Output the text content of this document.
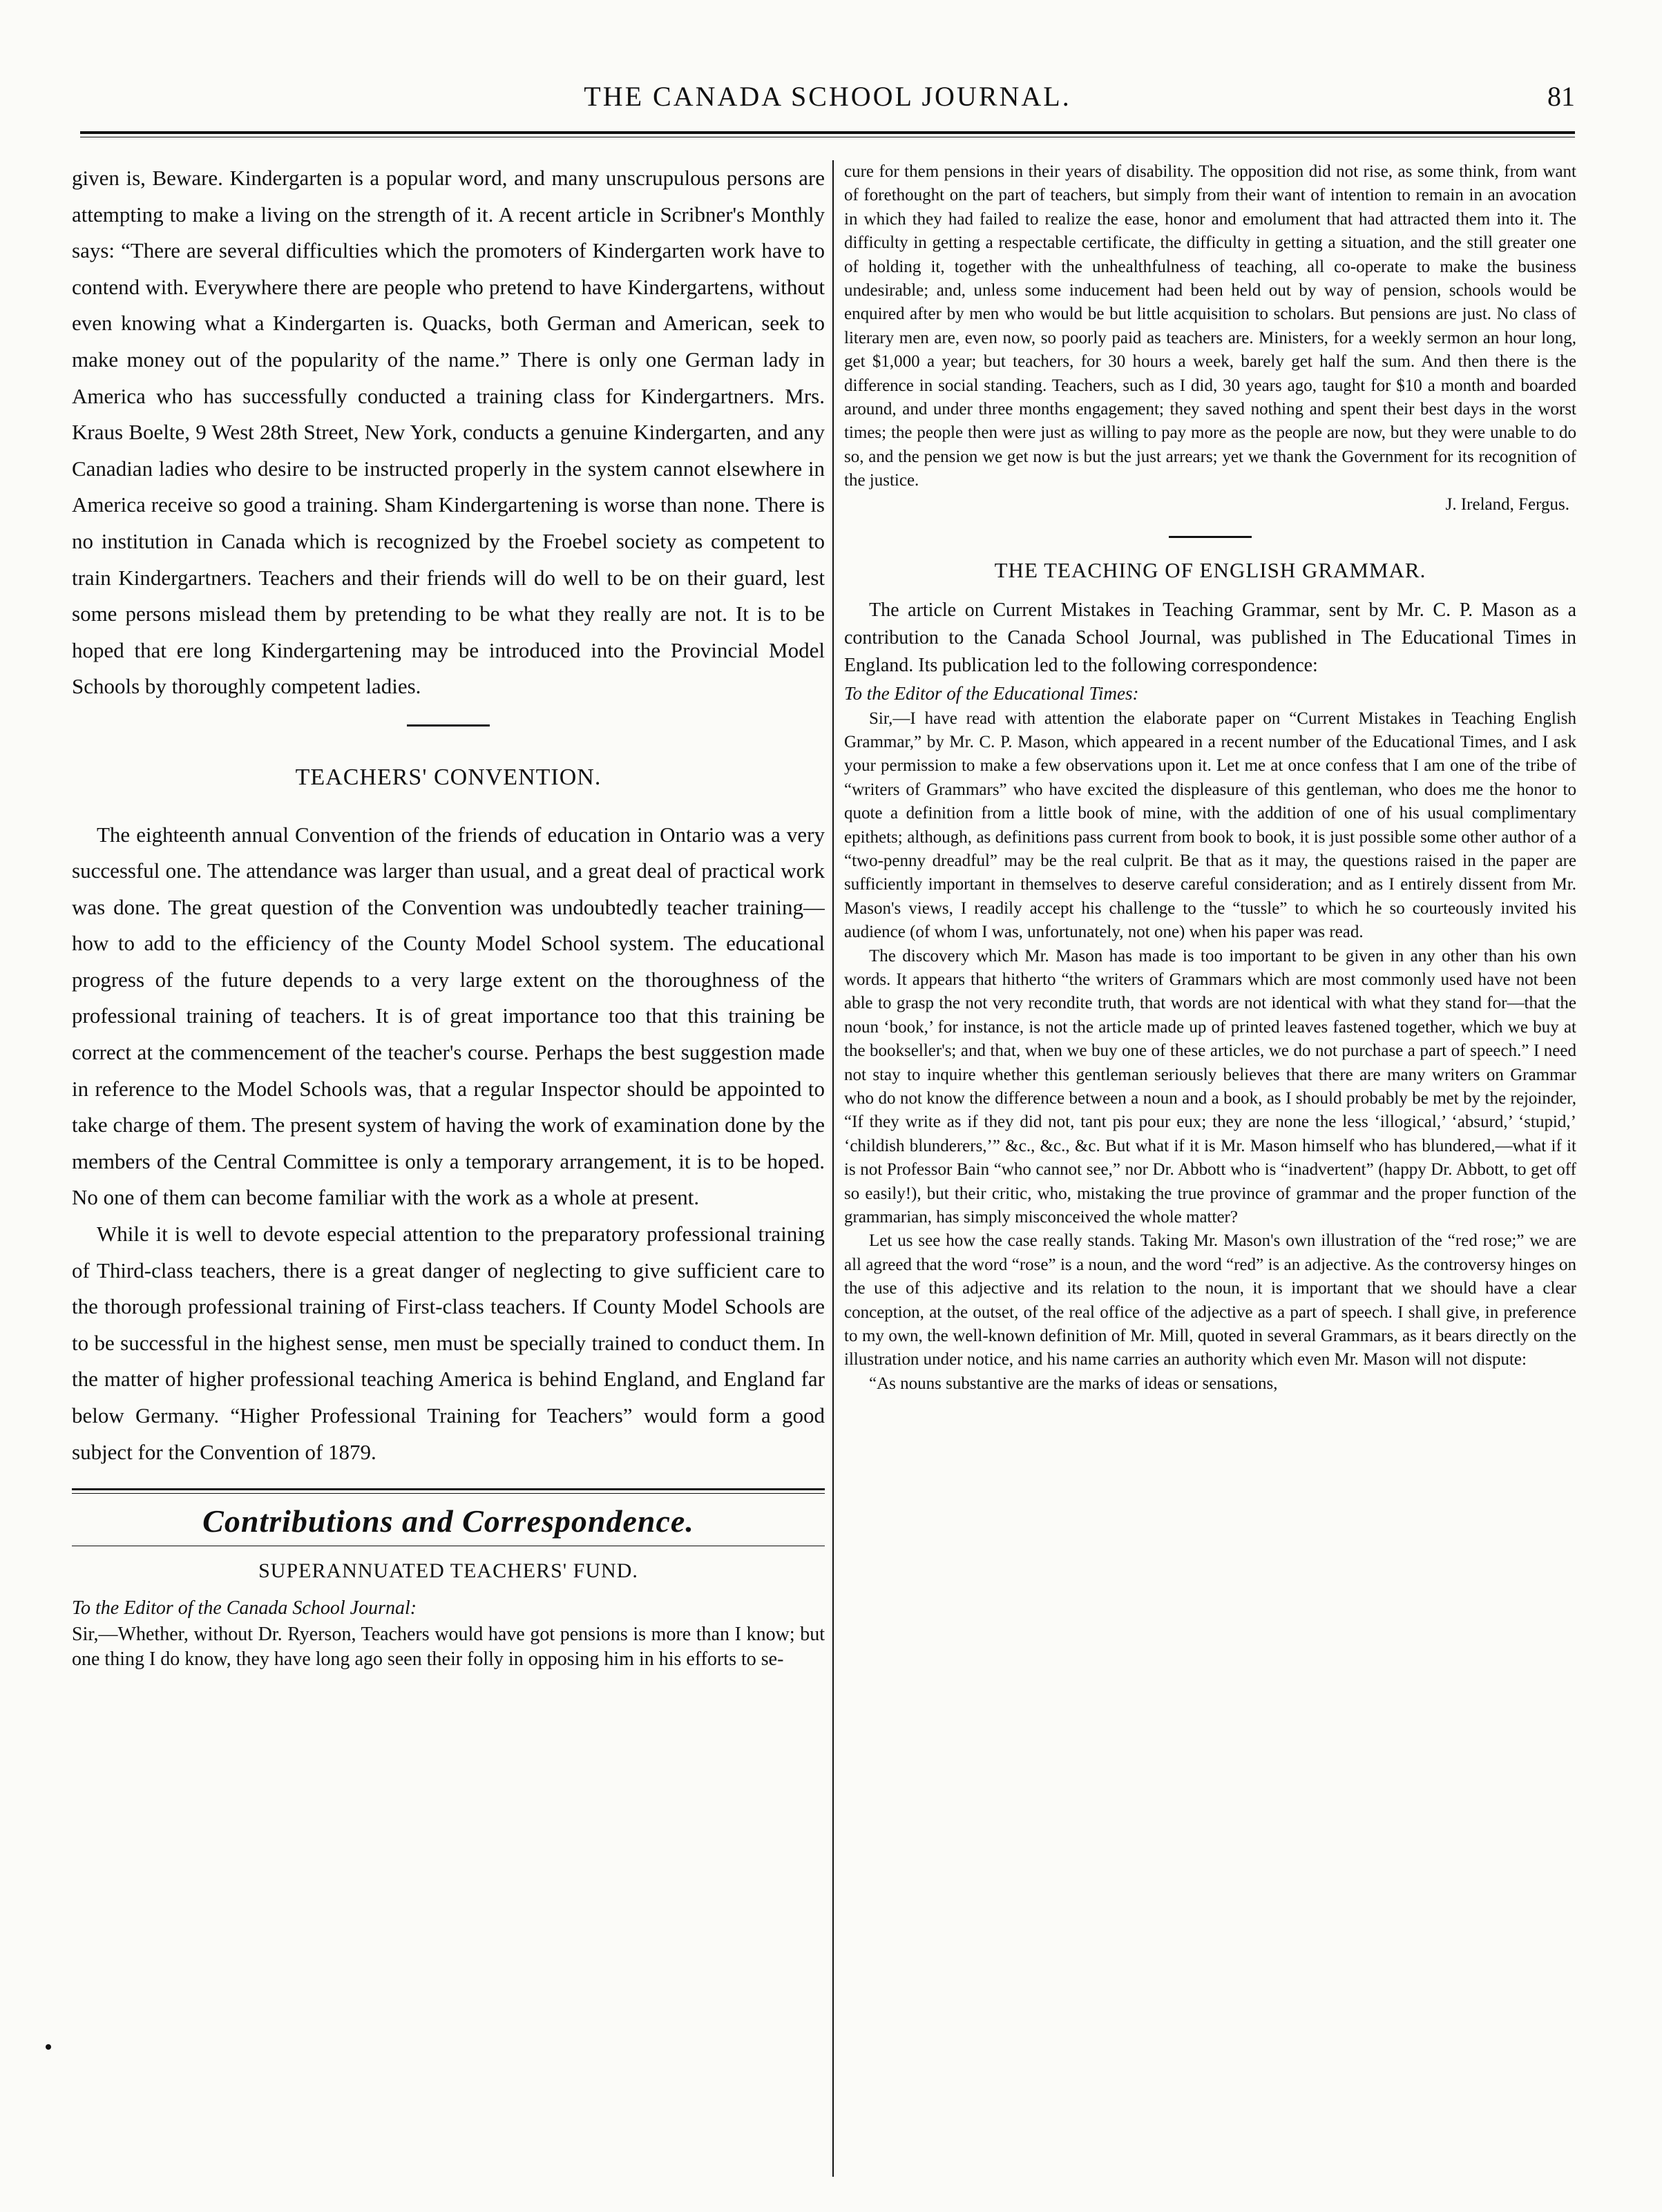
THE CANADA SCHOOL JOURNAL.	81

given is, Beware. Kindergarten is a popular word, and many unscrupulous persons are attempting to make a living on the strength of it. A recent article in Scribner's Monthly says: “There are several difficulties which the promoters of Kindergarten work have to contend with. Everywhere there are people who pretend to have Kindergartens, without even knowing what a Kindergarten is. Quacks, both German and American, seek to make money out of the popularity of the name.” There is only one German lady in America who has successfully conducted a training class for Kindergartners. Mrs. Kraus Boelte, 9 West 28th Street, New York, conducts a genuine Kindergarten, and any Canadian ladies who desire to be instructed properly in the system cannot elsewhere in America receive so good a training. Sham Kindergartening is worse than none. There is no institution in Canada which is recognized by the Froebel society as competent to train Kindergartners. Teachers and their friends will do well to be on their guard, lest some persons mislead them by pretending to be what they really are not. It is to be hoped that ere long Kindergartening may be introduced into the Provincial Model Schools by thoroughly competent ladies.

TEACHERS' CONVENTION.

The eighteenth annual Convention of the friends of education in Ontario was a very successful one. The attendance was larger than usual, and a great deal of practical work was done. The great question of the Convention was undoubtedly teacher training—how to add to the efficiency of the County Model School system. The educational progress of the future depends to a very large extent on the thoroughness of the professional training of teachers. It is of great importance too that this training be correct at the commencement of the teacher's course. Perhaps the best suggestion made in reference to the Model Schools was, that a regular Inspector should be appointed to take charge of them. The present system of having the work of examination done by the members of the Central Committee is only a temporary arrangement, it is to be hoped. No one of them can become familiar with the work as a whole at present.

While it is well to devote especial attention to the preparatory professional training of Third-class teachers, there is a great danger of neglecting to give sufficient care to the thorough professional training of First-class teachers. If County Model Schools are to be successful in the highest sense, men must be specially trained to conduct them. In the matter of higher professional teaching America is behind England, and England far below Germany. “Higher Professional Training for Teachers” would form a good subject for the Convention of 1879.

Contributions and Correspondence.
SUPERANNUATED TEACHERS' FUND.

To the Editor of the Canada School Journal:

Sir,—Whether, without Dr. Ryerson, Teachers would have got pensions is more than I know; but one thing I do know, they have long ago seen their folly in opposing him in his efforts to se-

cure for them pensions in their years of disability. The opposition did not rise, as some think, from want of forethought on the part of teachers, but simply from their want of intention to remain in an avocation in which they had failed to realize the ease, honor and emolument that had attracted them into it. The difficulty in getting a respectable certificate, the difficulty in getting a situation, and the still greater one of holding it, together with the unhealthfulness of teaching, all co-operate to make the business undesirable; and, unless some inducement had been held out by way of pension, schools would be enquired after by men who would be but little acquisition to scholars. But pensions are just. No class of literary men are, even now, so poorly paid as teachers are. Ministers, for a weekly sermon an hour long, get $1,000 a year; but teachers, for 30 hours a week, barely get half the sum. And then there is the difference in social standing. Teachers, such as I did, 30 years ago, taught for $10 a month and boarded around, and under three months engagement; they saved nothing and spent their best days in the worst times; the people then were just as willing to pay more as the people are now, but they were unable to do so, and the pension we get now is but the just arrears; yet we thank the Government for its recognition of the justice.

J. Ireland, Fergus.

THE TEACHING OF ENGLISH GRAMMAR.

The article on Current Mistakes in Teaching Grammar, sent by Mr. C. P. Mason as a contribution to the Canada School Journal, was published in The Educational Times in England. Its publication led to the following correspondence:

To the Editor of the Educational Times:

Sir,—I have read with attention the elaborate paper on “Current Mistakes in Teaching English Grammar,” by Mr. C. P. Mason, which appeared in a recent number of the Educational Times, and I ask your permission to make a few observations upon it. Let me at once confess that I am one of the tribe of “writers of Grammars” who have excited the displeasure of this gentleman, who does me the honor to quote a definition from a little book of mine, with the addition of one of his usual complimentary epithets; although, as definitions pass current from book to book, it is just possible some other author of a “two-penny dreadful” may be the real culprit. Be that as it may, the questions raised in the paper are sufficiently important in themselves to deserve careful consideration; and as I entirely dissent from Mr. Mason's views, I readily accept his challenge to the “tussle” to which he so courteously invited his audience (of whom I was, unfortunately, not one) when his paper was read.

The discovery which Mr. Mason has made is too important to be given in any other than his own words. It appears that hitherto “the writers of Grammars which are most commonly used have not been able to grasp the not very recondite truth, that words are not identical with what they stand for—that the noun ‘book,’ for instance, is not the article made up of printed leaves fastened together, which we buy at the bookseller's; and that, when we buy one of these articles, we do not purchase a part of speech.” I need not stay to inquire whether this gentleman seriously believes that there are many writers on Grammar who do not know the difference between a noun and a book, as I should probably be met by the rejoinder, “If they write as if they did not, tant pis pour eux; they are none the less ‘illogical,’ ‘absurd,’ ‘stupid,’ ‘childish blunderers,’” &c., &c., &c. But what if it is Mr. Mason himself who has blundered,—what if it is not Professor Bain “who cannot see,” nor Dr. Abbott who is “inadvertent” (happy Dr. Abbott, to get off so easily!), but their critic, who, mistaking the true province of grammar and the proper function of the grammarian, has simply misconceived the whole matter?

Let us see how the case really stands. Taking Mr. Mason's own illustration of the “red rose;” we are all agreed that the word “rose” is a noun, and the word “red” is an adjective. As the controversy hinges on the use of this adjective and its relation to the noun, it is important that we should have a clear conception, at the outset, of the real office of the adjective as a part of speech. I shall give, in preference to my own, the well-known definition of Mr. Mill, quoted in several Grammars, as it bears directly on the illustration under notice, and his name carries an authority which even Mr. Mason will not dispute:

“As nouns substantive are the marks of ideas or sensations,
